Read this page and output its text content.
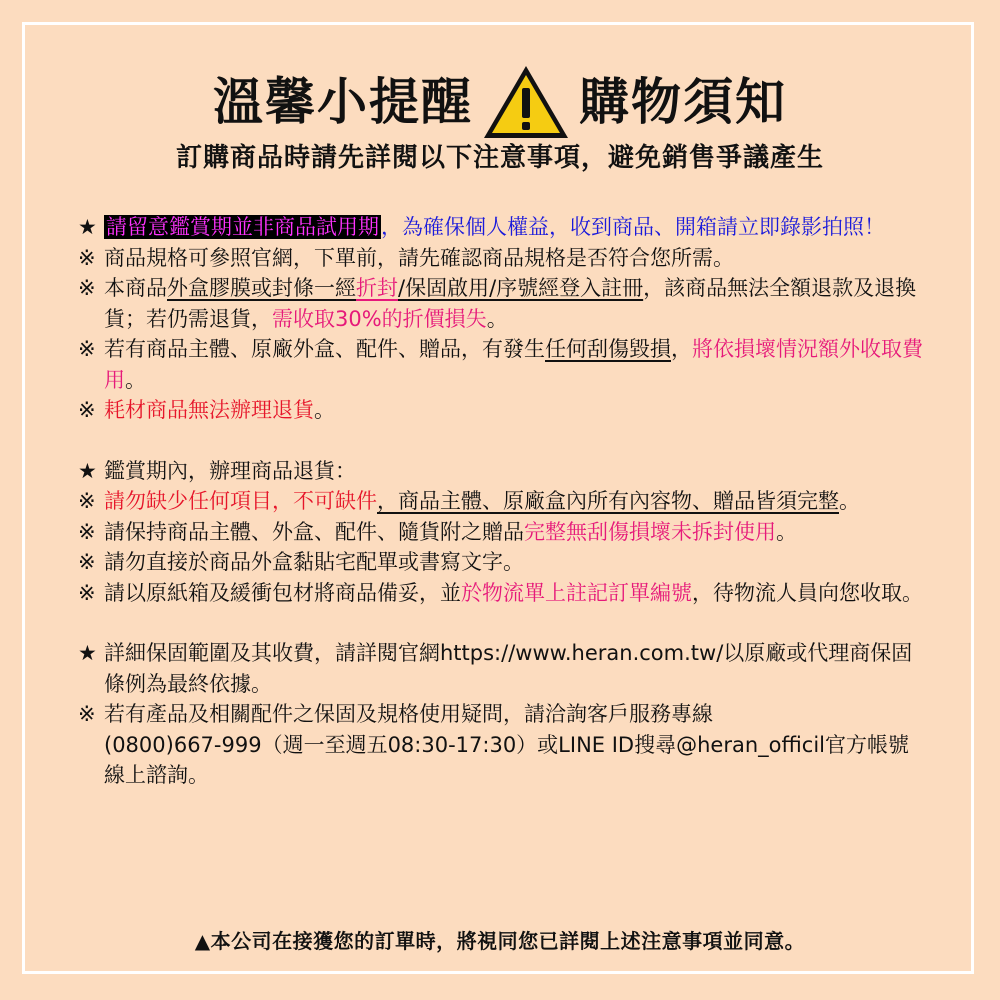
溫馨小提醒 購物須知
訂購商品時請先詳閱以下注意事項，避免銷售爭議產生
★ 請留意鑑賞期並非商品試用期，為確保個人權益，收到商品、開箱請立即錄影拍照！
※ 商品規格可參照官網，下單前，請先確認商品規格是否符合您所需。
※ 本商品外盒膠膜或封條一經折封/保固啟用/序號經登入註冊，該商品無法全額退款及退換貨；若仍需退貨，需收取30%的折價損失。
※ 若有商品主體、原廠外盒、配件、贈品，有發生任何刮傷毀損，將依損壞情況額外收取費用。
※ 耗材商品無法辦理退貨。
★ 鑑賞期內，辦理商品退貨：
※ 請勿缺少任何項目，不可缺件，商品主體、原廠盒內所有內容物、贈品皆須完整。
※ 請保持商品主體、外盒、配件、隨貨附之贈品完整無刮傷損壞未拆封使用。
※ 請勿直接於商品外盒黏貼宅配單或書寫文字。
※ 請以原紙箱及緩衝包材將商品備妥，並於物流單上註記訂單編號，待物流人員向您收取。
★ 詳細保固範圍及其收費，請詳閱官網https://www.heran.com.tw/以原廠或代理商保固條例為最終依據。
※ 若有產品及相關配件之保固及規格使用疑問，請洽詢客戶服務專線
(0800)667-999（週一至週五08:30-17:30）或LINE ID搜尋@heran_officil官方帳號線上諮詢。
▲本公司在接獲您的訂單時，將視同您已詳閱上述注意事項並同意。
